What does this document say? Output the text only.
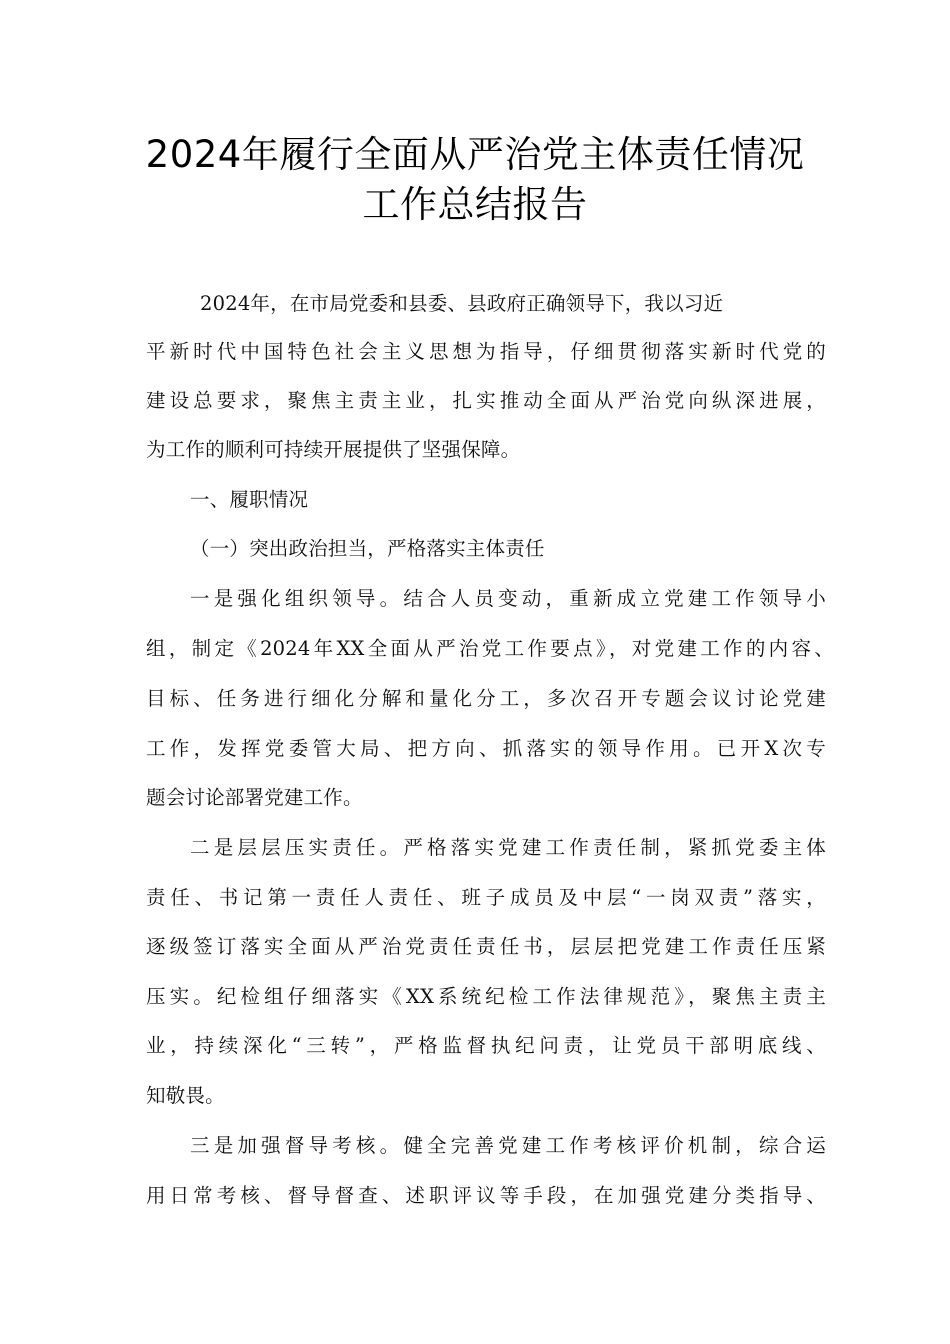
2024年履行全面从严治党主体责任情况
工作总结报告
2024年，在市局党委和县委、县政府正确领导下，我以习近
平新时代中国特色社会主义思想为指导，仔细贯彻落实新时代党的
建设总要求，聚焦主责主业，扎实推动全面从严治党向纵深进展，
为工作的顺利可持续开展提供了坚强保障。
一、履职情况
（一）突出政治担当，严格落实主体责任
一是强化组织领导。结合人员变动，重新成立党建工作领导小
组，制定《2024年XX全面从严治党工作要点》，对党建工作的内容、
目标、任务进行细化分解和量化分工，多次召开专题会议讨论党建
工作，发挥党委管大局、把方向、抓落实的领导作用。已开X次专
题会讨论部署党建工作。
二是层层压实责任。严格落实党建工作责任制，紧抓党委主体
责任、书记第一责任人责任、班子成员及中层“一岗双责”落实，
逐级签订落实全面从严治党责任责任书，层层把党建工作责任压紧
压实。纪检组仔细落实《XX系统纪检工作法律规范》，聚焦主责主
业，持续深化“三转”，严格监督执纪问责，让党员干部明底线、
知敬畏。
三是加强督导考核。健全完善党建工作考核评价机制，综合运
用日常考核、督导督查、述职评议等手段，在加强党建分类指导、
